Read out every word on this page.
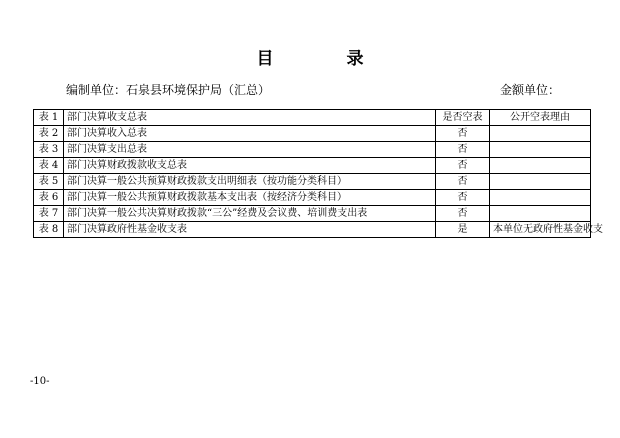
目　录
编制单位：石泉县环境保护局（汇总）	金额单位：
表 1	部门决算收支总表	是否空表	公开空表理由
表 2	部门决算收入总表	否	
表 3	部门决算支出总表	否	
表 4	部门决算财政拨款收支总表	否	
表 5	部门决算一般公共预算财政拨款支出明细表（按功能分类科目）	否	
表 6	部门决算一般公共预算财政拨款基本支出表（按经济分类科目）	否	
表 7	部门决算一般公共决算财政拨款“三公”经费及会议费、培训费支出表	否	
表 8	部门决算政府性基金收支表	是	本单位无政府性基金收支
-10-
